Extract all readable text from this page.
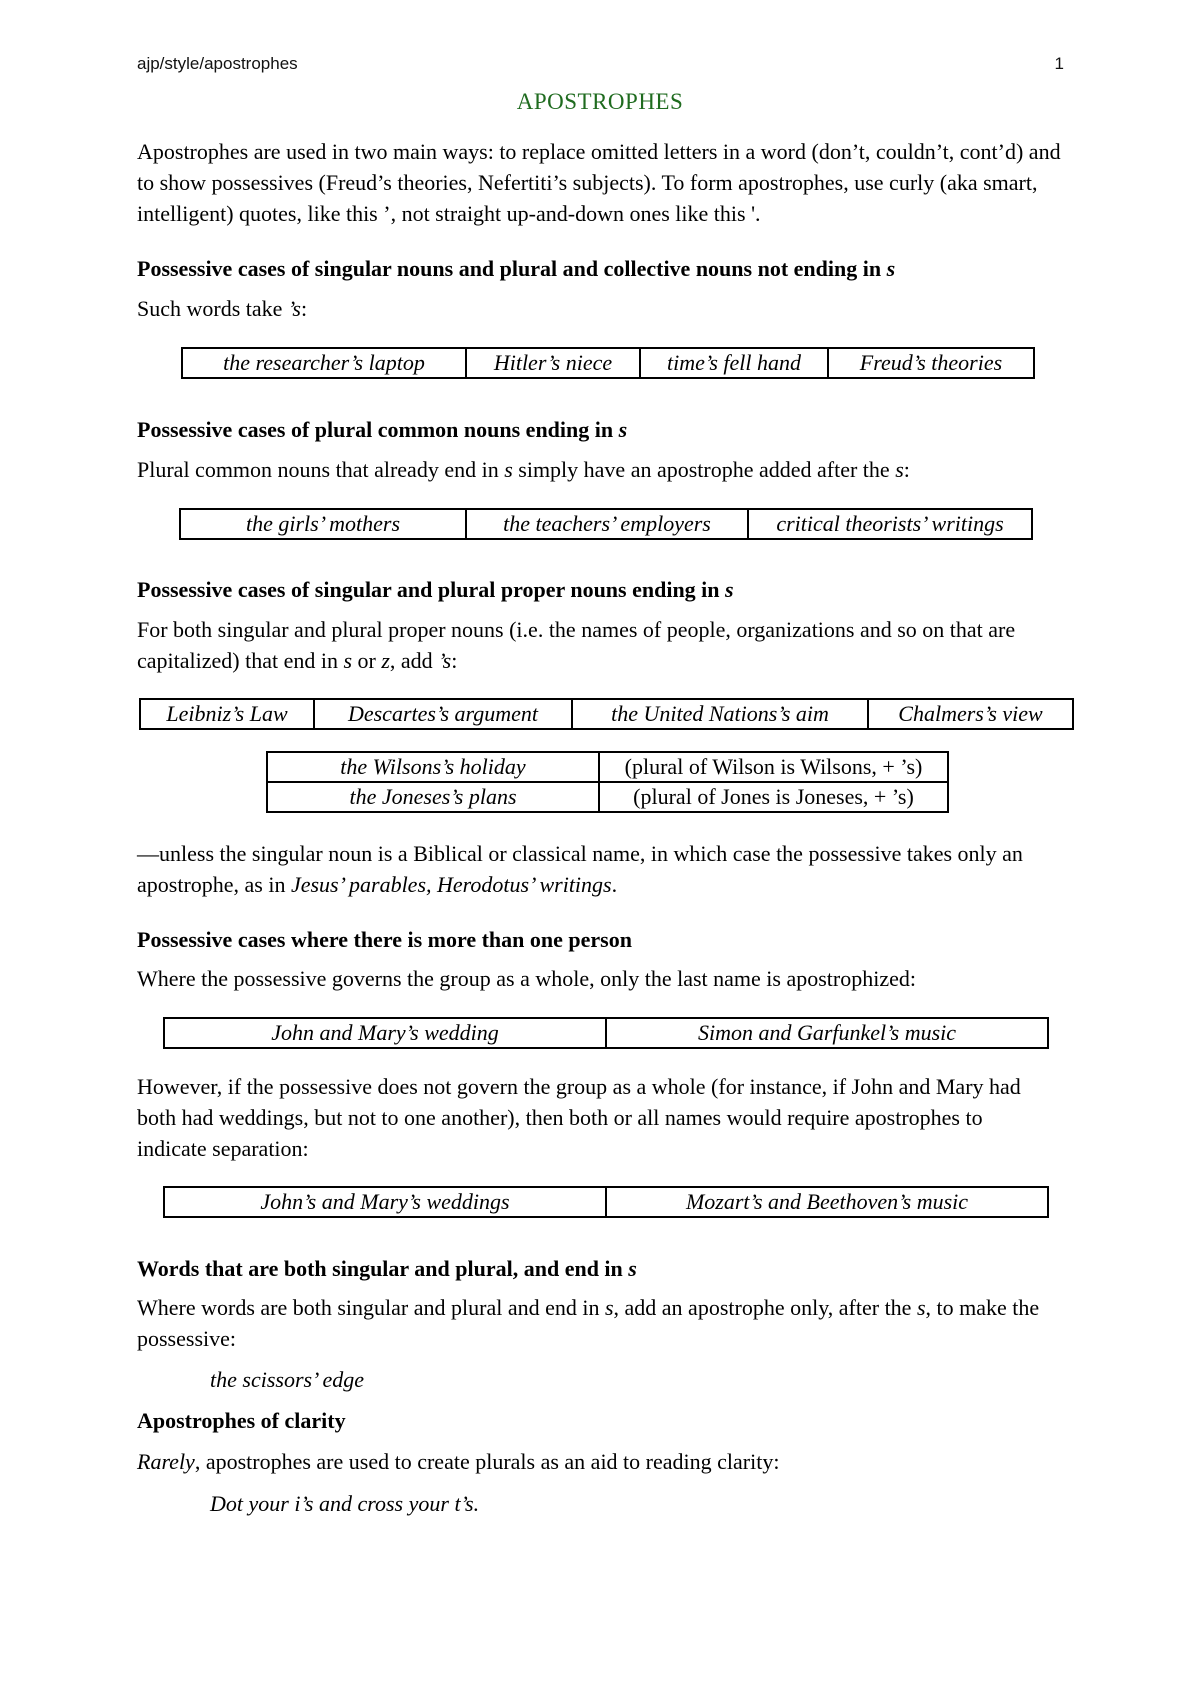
ajp/style/apostrophes	1
APOSTROPHES

Apostrophes are used in two main ways: to replace omitted letters in a word (don’t, couldn’t, cont’d) and to show possessives (Freud’s theories, Nefertiti’s subjects). To form apostrophes, use curly (aka smart, intelligent) quotes, like this ’, not straight up-and-down ones like this '.

Possessive cases of singular nouns and plural and collective nouns not ending in s

Such words take ’s:

the researcher’s laptop	Hitler’s niece	time’s fell hand	Freud’s theories
Possessive cases of plural common nouns ending in s

Plural common nouns that already end in s simply have an apostrophe added after the s:

the girls’ mothers	the teachers’ employers	critical theorists’ writings
Possessive cases of singular and plural proper nouns ending in s

For both singular and plural proper nouns (i.e. the names of people, organizations and so on that are capitalized) that end in s or z, add ’s:

Leibniz’s Law	Descartes’s argument	the United Nations’s aim	Chalmers’s view
the Wilsons’s holiday	(plural of Wilson is Wilsons, + ’s)
the Joneses’s plans	(plural of Jones is Joneses, + ’s)

—unless the singular noun is a Biblical or classical name, in which case the possessive takes only an apostrophe, as in Jesus’ parables, Herodotus’ writings.

Possessive cases where there is more than one person

Where the possessive governs the group as a whole, only the last name is apostrophized:

John and Mary’s wedding	Simon and Garfunkel’s music

However, if the possessive does not govern the group as a whole (for instance, if John and Mary had both had weddings, but not to one another), then both or all names would require apostrophes to indicate separation:

John’s and Mary’s weddings	Mozart’s and Beethoven’s music
Words that are both singular and plural, and end in s

Where words are both singular and plural and end in s, add an apostrophe only, after the s, to make the possessive:

the scissors’ edge

Apostrophes of clarity

Rarely, apostrophes are used to create plurals as an aid to reading clarity:

Dot your i’s and cross your t’s.
